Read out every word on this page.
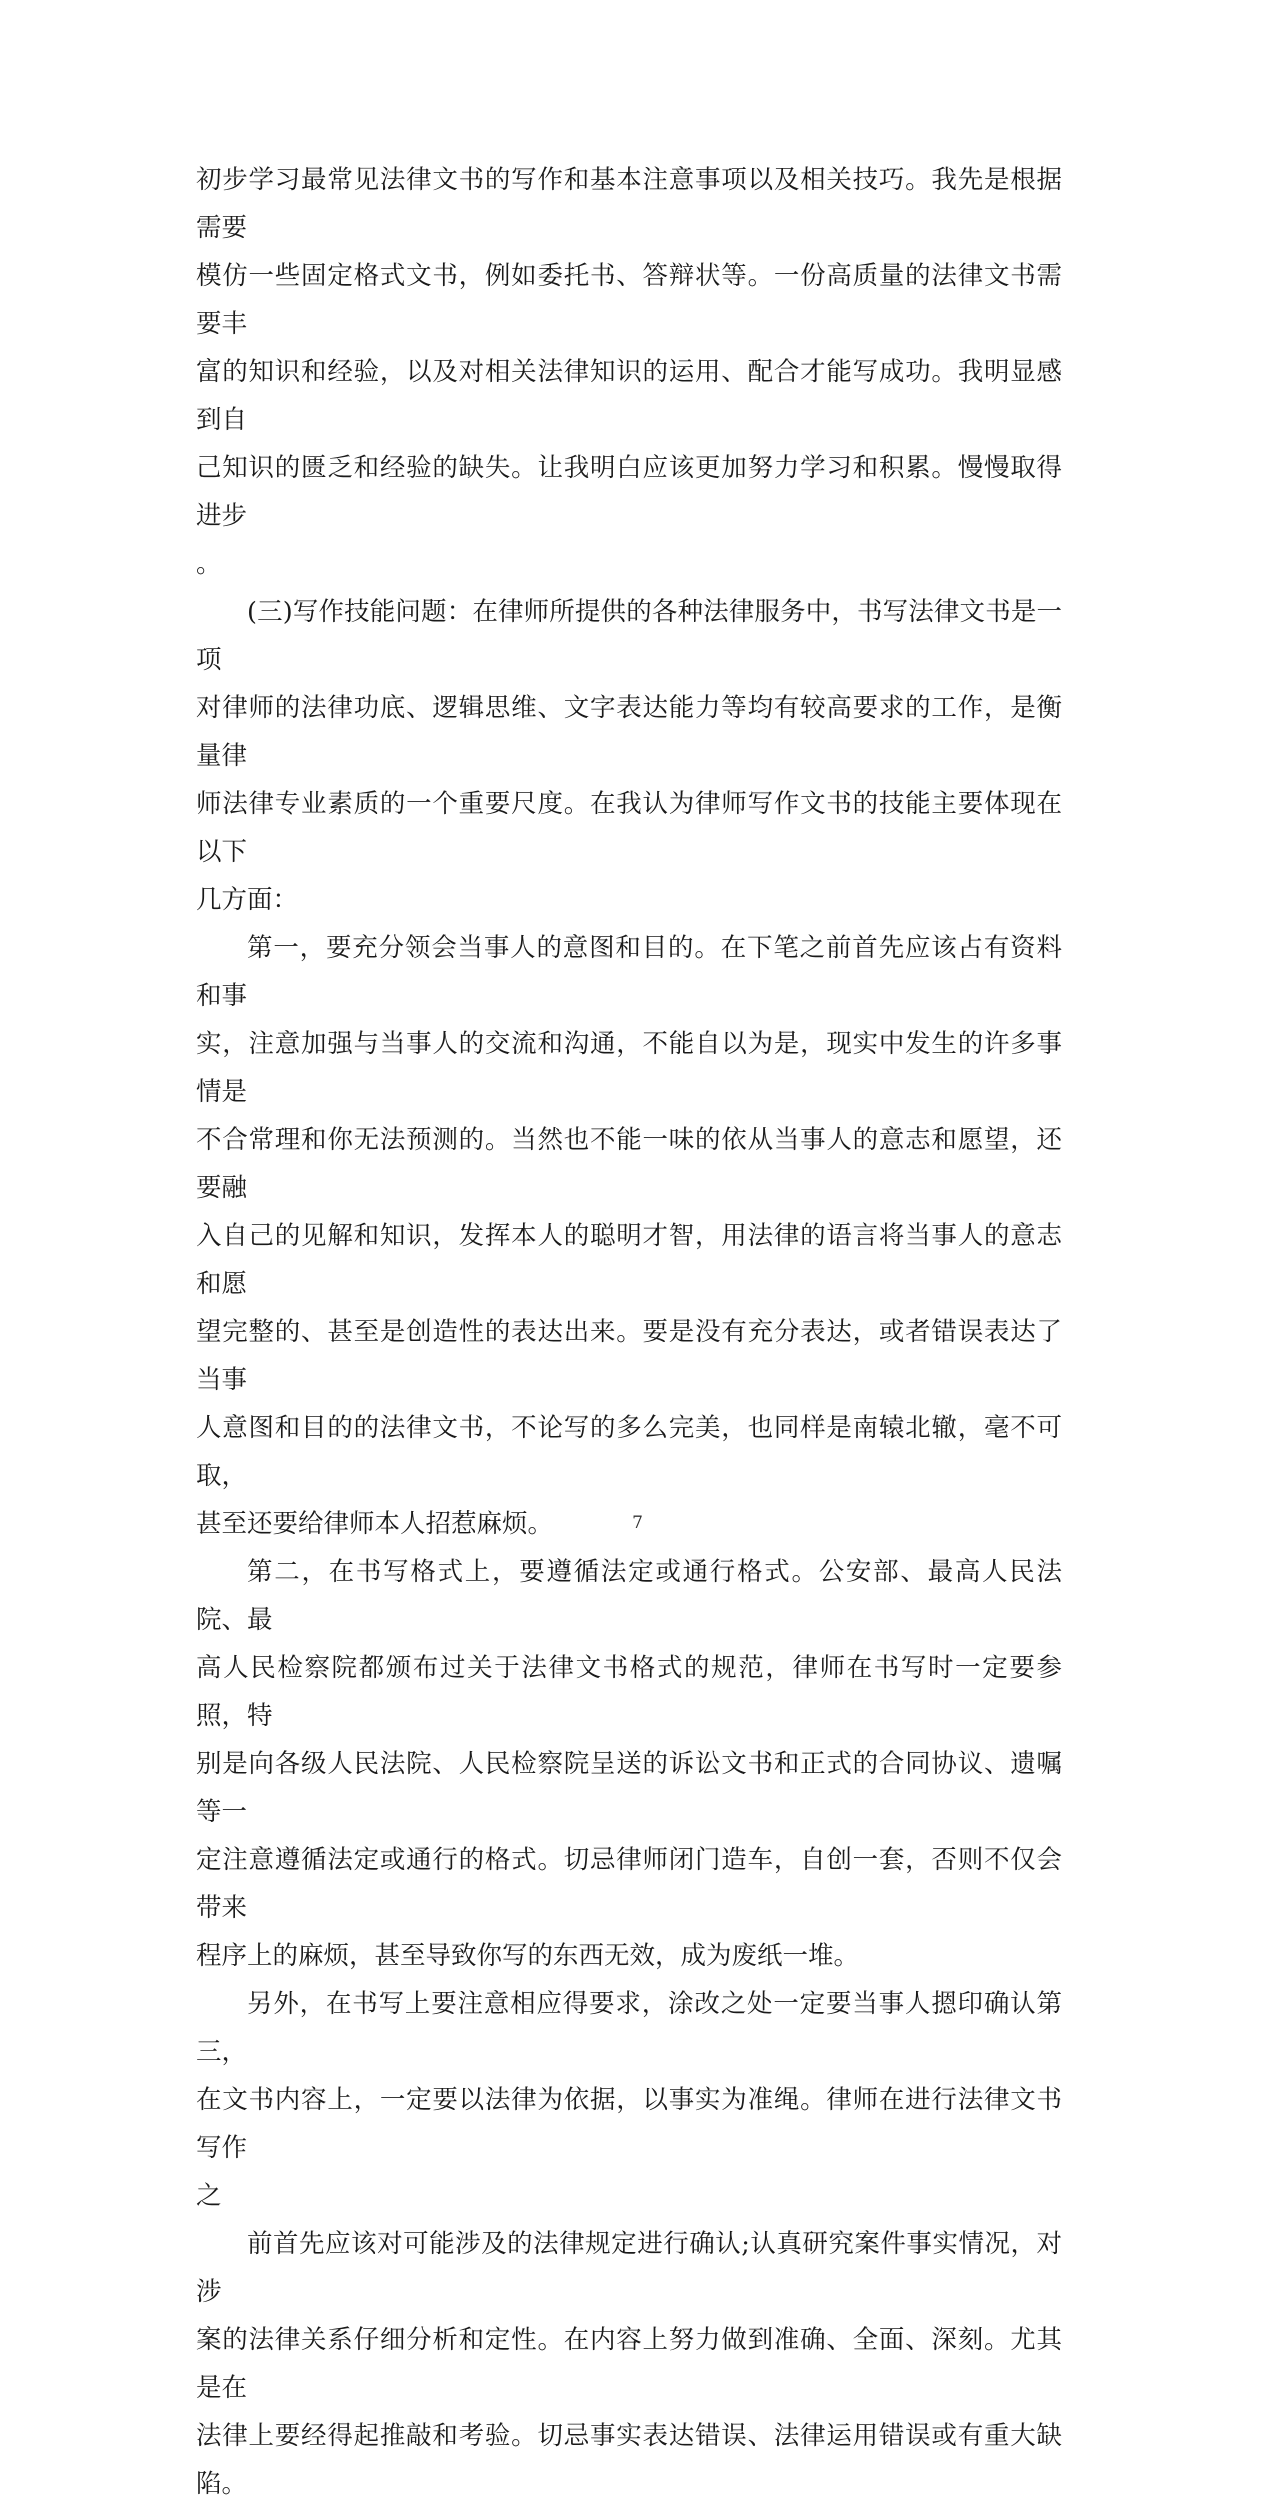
初步学习最常见法律文书的写作和基本注意事项以及相关技巧。我先是根据需要
模仿一些固定格式文书，例如委托书、答辩状等。一份高质量的法律文书需要丰
富的知识和经验，以及对相关法律知识的运用、配合才能写成功。我明显感到自
己知识的匮乏和经验的缺失。让我明白应该更加努力学习和积累。慢慢取得进步
。
(三)写作技能问题：在律师所提供的各种法律服务中，书写法律文书是一项
对律师的法律功底、逻辑思维、文字表达能力等均有较高要求的工作，是衡量律
师法律专业素质的一个重要尺度。在我认为律师写作文书的技能主要体现在以下
几方面：
第一，要充分领会当事人的意图和目的。在下笔之前首先应该占有资料和事
实，注意加强与当事人的交流和沟通，不能自以为是，现实中发生的许多事情是
不合常理和你无法预测的。当然也不能一味的依从当事人的意志和愿望，还要融
入自己的见解和知识，发挥本人的聪明才智，用法律的语言将当事人的意志和愿
望完整的、甚至是创造性的表达出来。要是没有充分表达，或者错误表达了当事
人意图和目的的法律文书，不论写的多么完美，也同样是南辕北辙，毫不可取，
甚至还要给律师本人招惹麻烦。
第二，在书写格式上，要遵循法定或通行格式。公安部、最高人民法院、最
高人民检察院都颁布过关于法律文书格式的规范，律师在书写时一定要参照，特
别是向各级人民法院、人民检察院呈送的诉讼文书和正式的合同协议、遗嘱等一
定注意遵循法定或通行的格式。切忌律师闭门造车，自创一套，否则不仅会带来
程序上的麻烦，甚至导致你写的东西无效，成为废纸一堆。
另外，在书写上要注意相应得要求，涂改之处一定要当事人摁印确认第三，
在文书内容上，一定要以法律为依据，以事实为准绳。律师在进行法律文书写作
之
前首先应该对可能涉及的法律规定进行确认;认真研究案件事实情况，对涉
案的法律关系仔细分析和定性。在内容上努力做到准确、全面、深刻。尤其是在
法律上要经得起推敲和考验。切忌事实表达错误、法律运用错误或有重大缺陷。
7
